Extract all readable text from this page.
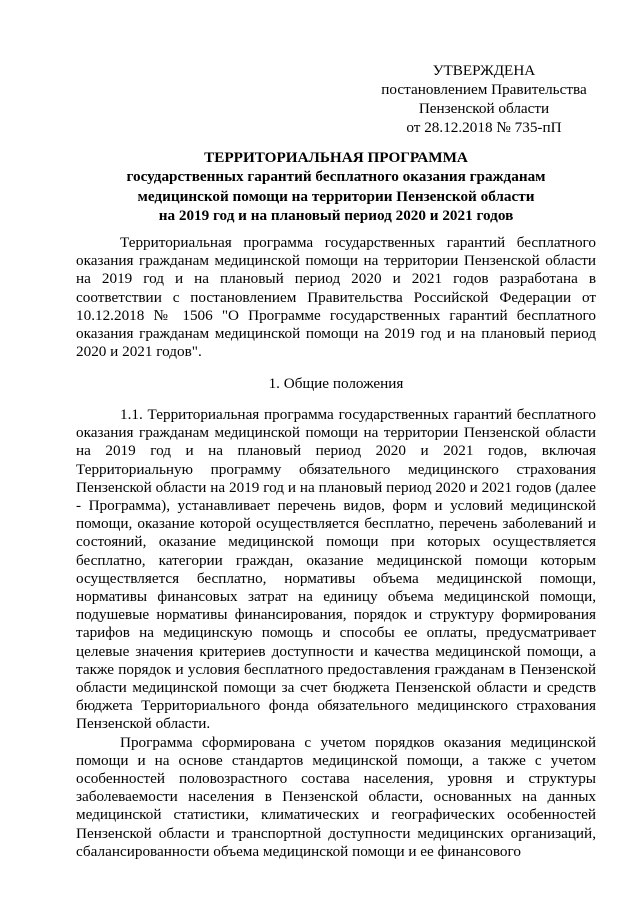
УТВЕРЖДЕНА
постановлением Правительства
Пензенской области
от 28.12.2018 № 735-пП
ТЕРРИТОРИАЛЬНАЯ ПРОГРАММА
государственных гарантий бесплатного оказания гражданам
медицинской помощи на территории Пензенской области
на 2019 год и на плановый период 2020 и 2021 годов

Территориальная программа государственных гарантий бесплатного оказания гражданам медицинской помощи на территории Пензенской области на 2019 год и на плановый период 2020 и 2021 годов разработана в соответствии с постановлением Правительства Российской Федерации от 10.12.2018 № 1506 "О Программе государственных гарантий бесплатного оказания гражданам медицинской помощи на 2019 год и на плановый период 2020 и 2021 годов".

1. Общие положения

1.1. Территориальная программа государственных гарантий бесплатного оказания гражданам медицинской помощи на территории Пензенской области на 2019 год и на плановый период 2020 и 2021 годов, включая Территориальную программу обязательного медицинского страхования Пензенской области на 2019 год и на плановый период 2020 и 2021 годов (далее - Программа), устанавливает перечень видов, форм и условий медицинской помощи, оказание которой осуществляется бесплатно, перечень заболеваний и состояний, оказание медицинской помощи при которых осуществляется бесплатно, категории граждан, оказание медицинской помощи которым осуществляется бесплатно, нормативы объема медицинской помощи, нормативы финансовых затрат на единицу объема медицинской помощи, подушевые нормативы финансирования, порядок и структуру формирования тарифов на медицинскую помощь и способы ее оплаты, предусматривает целевые значения критериев доступности и качества медицинской помощи, а также порядок и условия бесплатного предоставления гражданам в Пензенской области медицинской помощи за счет бюджета Пензенской области и средств бюджета Территориального фонда обязательного медицинского страхования Пензенской области.

Программа сформирована с учетом порядков оказания медицинской помощи и на основе стандартов медицинской помощи, а также с учетом особенностей половозрастного состава населения, уровня и структуры заболеваемости населения в Пензенской области, основанных на данных медицинской статистики, климатических и географических особенностей Пензенской области и транспортной доступности медицинских организаций, сбалансированности объема медицинской помощи и ее финансового
